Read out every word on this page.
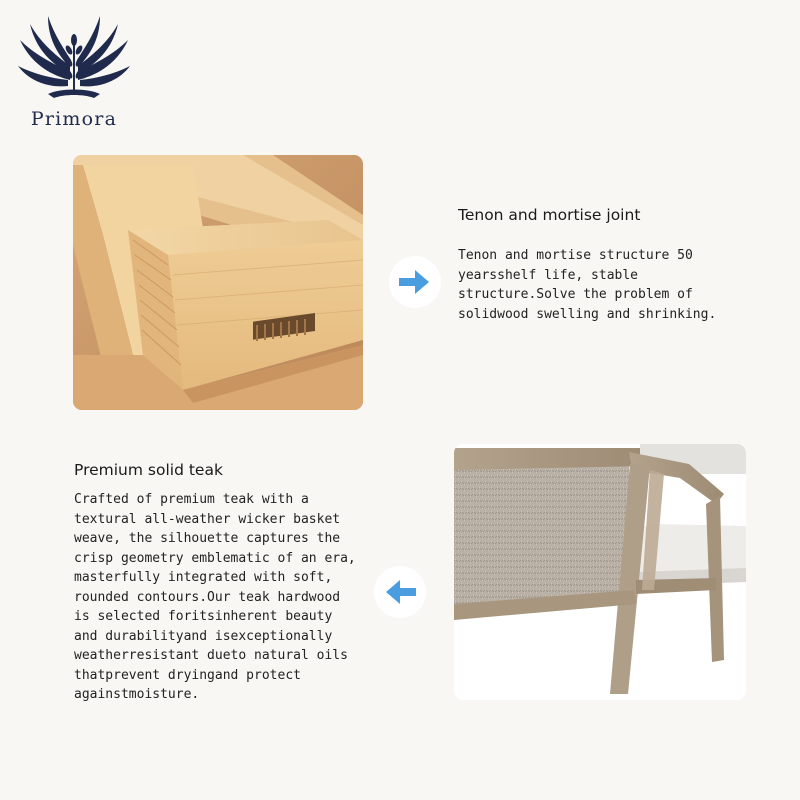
Primora
Tenon and mortise joint
Tenon and mortise structure 50
yearsshelf life, stable
structure.Solve the problem of
solidwood swelling and shrinking.
Premium solid teak
Crafted of premium teak with a
textural all-weather wicker basket
weave, the silhouette captures the
crisp geometry emblematic of an era,
masterfully integrated with soft,
rounded contours.Our teak hardwood
is selected foritsinherent beauty
and durabilityand isexceptionally
weatherresistant dueto natural oils
thatprevent dryingand protect
againstmoisture.
